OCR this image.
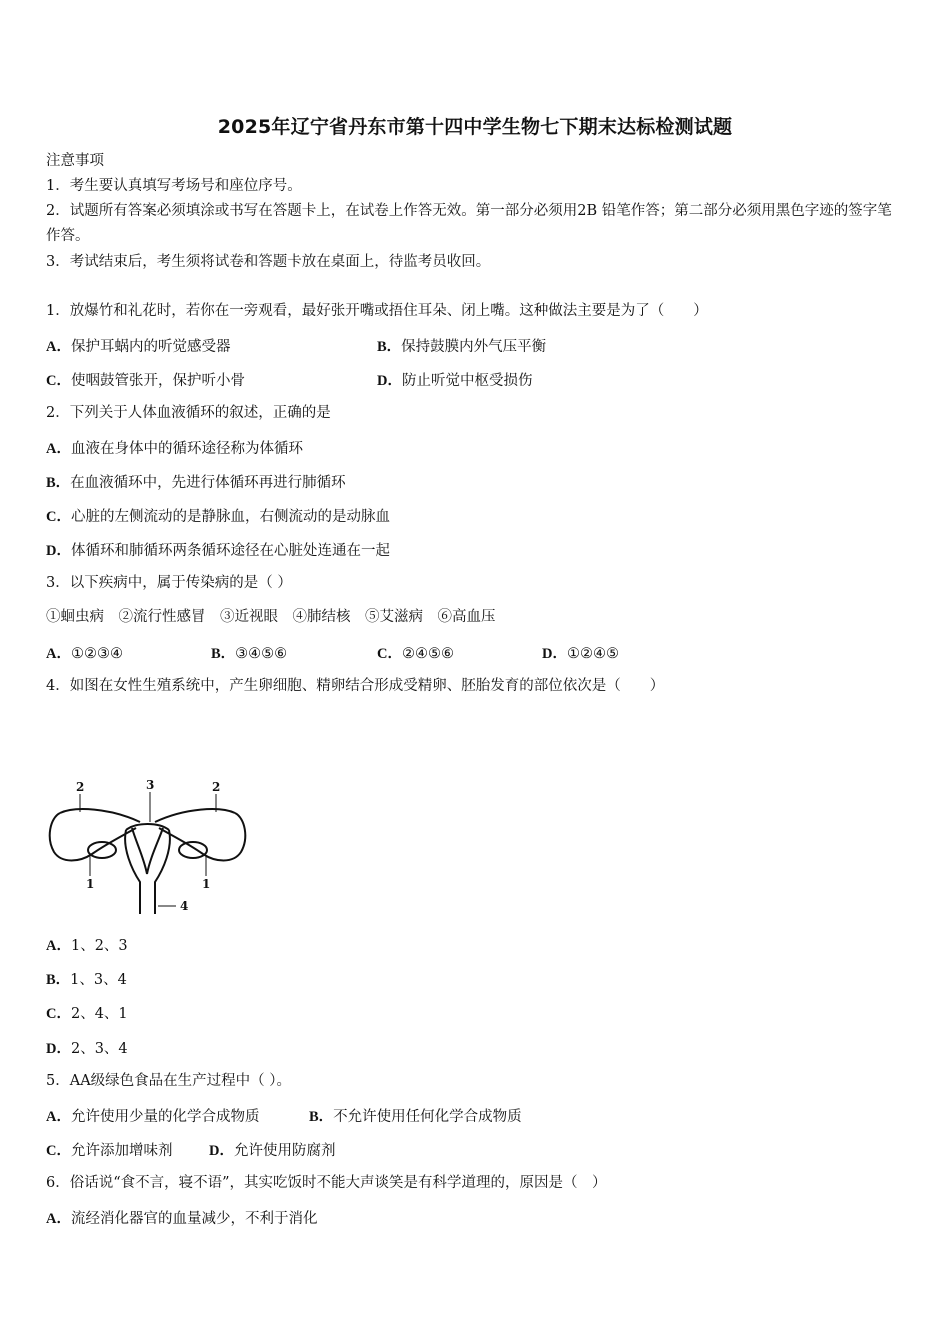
2025年辽宁省丹东市第十四中学生物七下期末达标检测试题
注意事项
1．考生要认真填写考场号和座位序号。
2．试题所有答案必须填涂或书写在答题卡上，在试卷上作答无效。第一部分必须用2B 铅笔作答；第二部分必须用黑色字迹的签字笔作答。
3．考试结束后，考生须将试卷和答题卡放在桌面上，待监考员收回。
1．放爆竹和礼花时，若你在一旁观看，最好张开嘴或捂住耳朵、闭上嘴。这种做法主要是为了（　　）
A．保护耳蜗内的听觉感受器	B．保持鼓膜内外气压平衡
C．使咽鼓管张开，保护听小骨	D．防止听觉中枢受损伤
2．下列关于人体血液循环的叙述，正确的是
A．血液在身体中的循环途径称为体循环
B．在血液循环中，先进行体循环再进行肺循环
C．心脏的左侧流动的是静脉血，右侧流动的是动脉血
D．体循环和肺循环两条循环途径在心脏处连通在一起
3．以下疾病中，属于传染病的是（ ）
①蛔虫病　②流行性感冒　③近视眼　④肺结核　⑤艾滋病　⑥高血压
A．①②③④	B．③④⑤⑥	C．②④⑤⑥	D．①②④⑤
4．如图在女性生殖系统中，产生卵细胞、精卵结合形成受精卵、胚胎发育的部位依次是（　　）
2	3	2
1	1
4
A．1、2、3
B．1、3、4
C．2、4、1
D．2、3、4
5．AA级绿色食品在生产过程中（ ）。
A．允许使用少量的化学合成物质	B．不允许使用任何化学合成物质
C．允许添加增味剂	D．允许使用防腐剂
6．俗话说“食不言，寝不语”，其实吃饭时不能大声谈笑是有科学道理的，原因是（　）
A．流经消化器官的血量减少，不利于消化
